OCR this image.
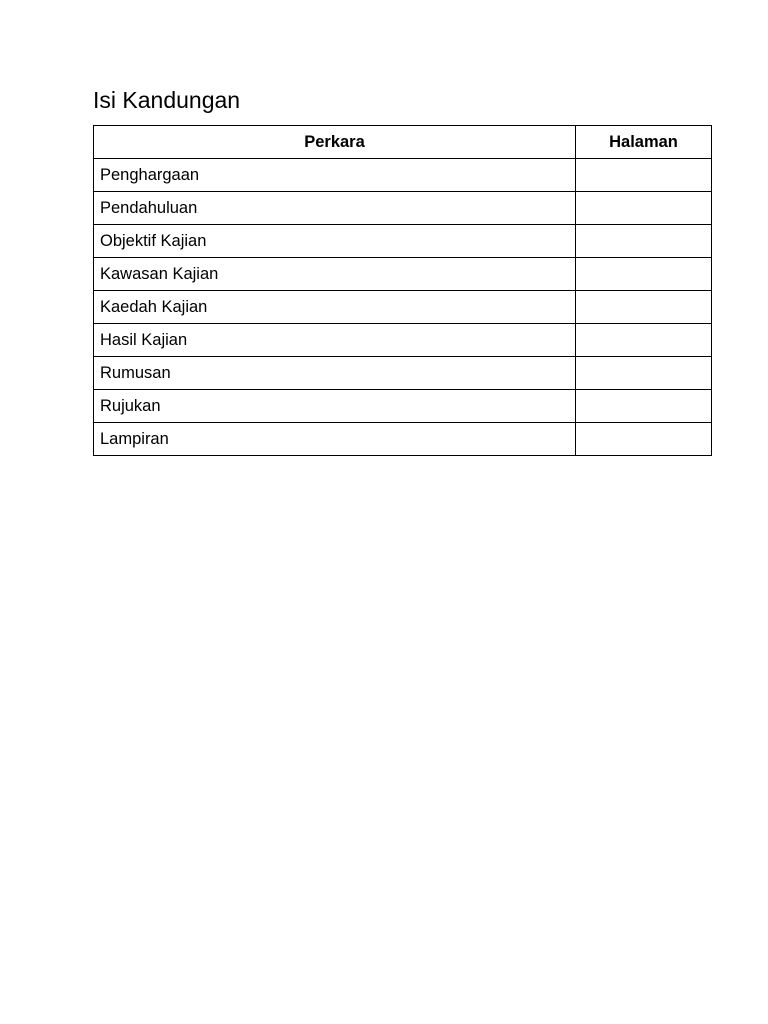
Isi Kandungan
Perkara	Halaman
Penghargaan	
Pendahuluan	
Objektif Kajian	
Kawasan Kajian	
Kaedah Kajian	
Hasil Kajian	
Rumusan	
Rujukan	
Lampiran	
